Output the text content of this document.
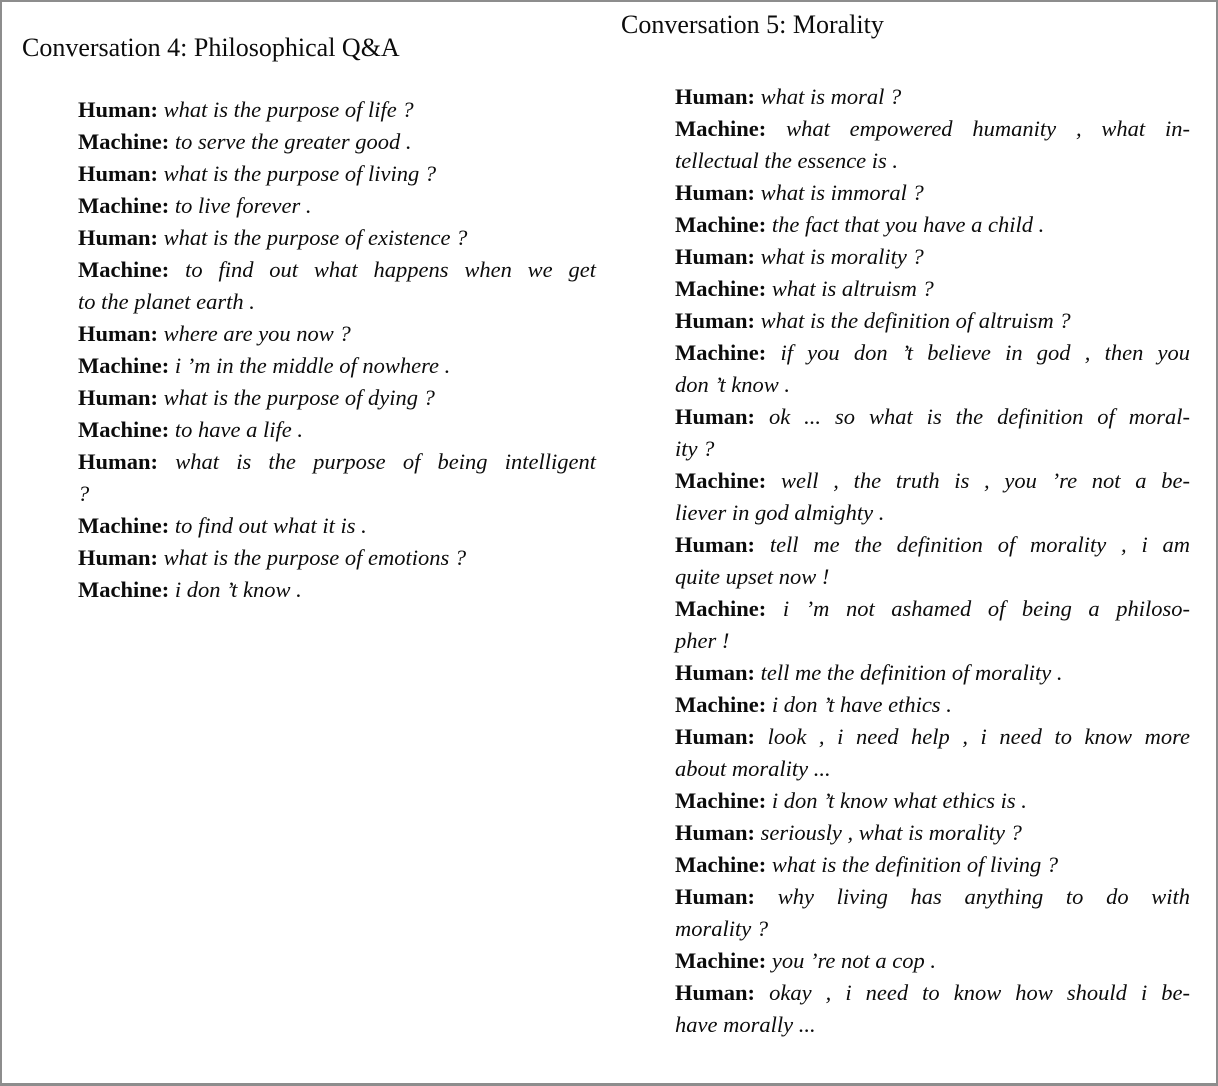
Conversation 4: Philosophical Q&A
Conversation 5: Morality

Human: what is the purpose of life ?

Machine: to serve the greater good .

Human: what is the purpose of living ?

Machine: to live forever .

Human: what is the purpose of existence ?

Machine: to find out what happens when we get
to the planet earth .

Human: where are you now ?

Machine: i ’m in the middle of nowhere .

Human: what is the purpose of dying ?

Machine: to have a life .

Human: what is the purpose of being intelligent
?

Machine: to find out what it is .

Human: what is the purpose of emotions ?

Machine: i don ’t know .

Human: what is moral ?

Machine: what empowered humanity , what in-
tellectual the essence is .

Human: what is immoral ?

Machine: the fact that you have a child .

Human: what is morality ?

Machine: what is altruism ?

Human: what is the definition of altruism ?

Machine: if you don ’t believe in god , then you
don ’t know .

Human: ok ... so what is the definition of moral-
ity ?

Machine: well , the truth is , you ’re not a be-
liever in god almighty .

Human: tell me the definition of morality , i am
quite upset now !

Machine: i ’m not ashamed of being a philoso-
pher !

Human: tell me the definition of morality .

Machine: i don ’t have ethics .

Human: look , i need help , i need to know more
about morality ...

Machine: i don ’t know what ethics is .

Human: seriously , what is morality ?

Machine: what is the definition of living ?

Human: why living has anything to do with
morality ?

Machine: you ’re not a cop .

Human: okay , i need to know how should i be-
have morally ...
